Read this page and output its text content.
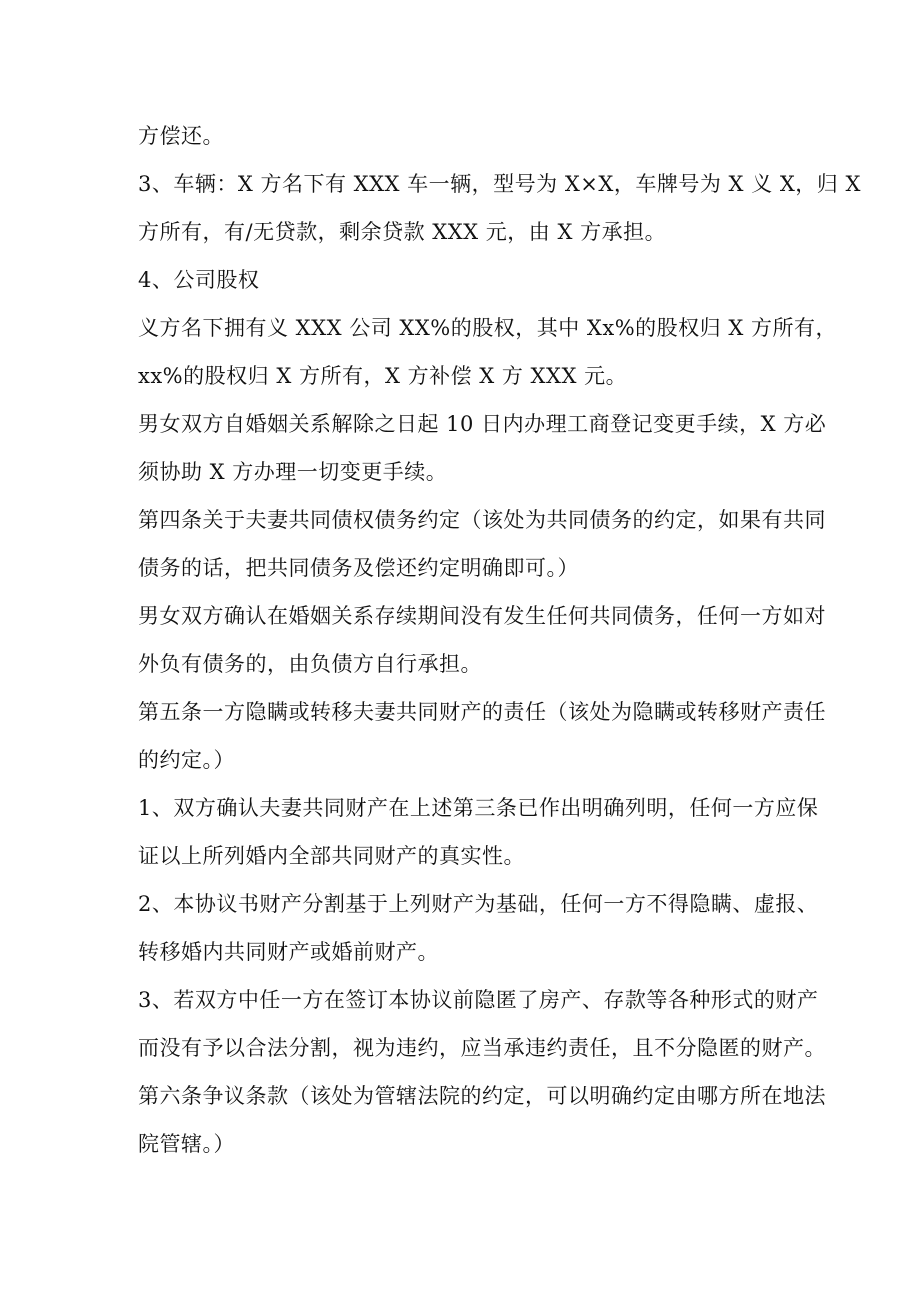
方偿还。
3、车辆：X 方名下有 XXX 车一辆，型号为 X×X，车牌号为 X 义 X，归 X
方所有，有/无贷款，剩余贷款 XXX 元，由 X 方承担。
4、公司股权
义方名下拥有义 XXX 公司 XX%的股权，其中 Xx%的股权归 X 方所有，
xx%的股权归 X 方所有，X 方补偿 X 方 XXX 元。
男女双方自婚姻关系解除之日起 10 日内办理工商登记变更手续，X 方必
须协助 X 方办理一切变更手续。
第四条关于夫妻共同债权债务约定（该处为共同债务的约定，如果有共同
债务的话，把共同债务及偿还约定明确即可。）
男女双方确认在婚姻关系存续期间没有发生任何共同债务，任何一方如对
外负有债务的，由负债方自行承担。
第五条一方隐瞒或转移夫妻共同财产的责任（该处为隐瞒或转移财产责任
的约定。）
1、双方确认夫妻共同财产在上述第三条已作出明确列明，任何一方应保
证以上所列婚内全部共同财产的真实性。
2、本协议书财产分割基于上列财产为基础，任何一方不得隐瞒、虚报、
转移婚内共同财产或婚前财产。
3、若双方中任一方在签订本协议前隐匿了房产、存款等各种形式的财产
而没有予以合法分割，视为违约，应当承违约责任，且不分隐匿的财产。
第六条争议条款（该处为管辖法院的约定，可以明确约定由哪方所在地法
院管辖。）
